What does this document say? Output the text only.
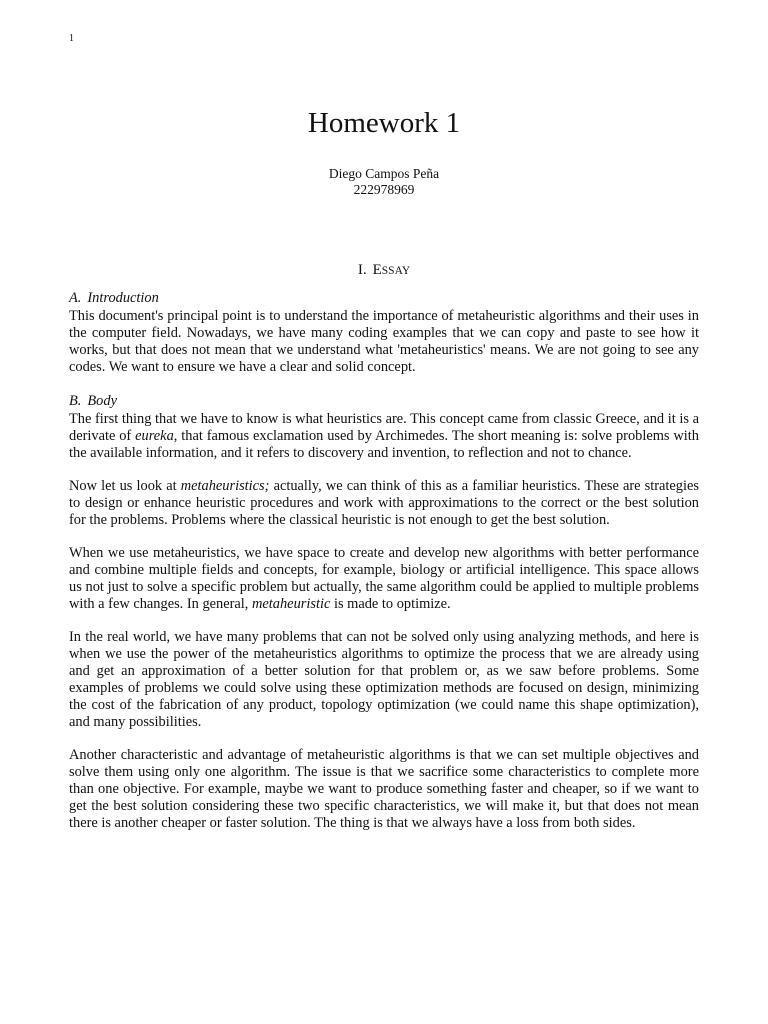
1
Homework 1
Diego Campos Peña
222978969
I. ESSAY
A. Introduction

This document's principal point is to understand the importance of metaheuristic algorithms and their uses in the computer field. Nowadays, we have many coding examples that we can copy and paste to see how it works, but that does not mean that we understand what 'metaheuristics' means. We are not going to see any codes. We want to ensure we have a clear and solid concept.

B. Body

The first thing that we have to know is what heuristics are. This concept came from classic Greece, and it is a derivate of eureka, that famous exclamation used by Archimedes. The short meaning is: solve problems with the available information, and it refers to discovery and invention, to reflection and not to chance.

Now let us look at metaheuristics; actually, we can think of this as a familiar heuristics. These are strategies to design or enhance heuristic procedures and work with approximations to the correct or the best solution for the problems. Problems where the classical heuristic is not enough to get the best solution.

When we use metaheuristics, we have space to create and develop new algorithms with better performance and combine multiple fields and concepts, for example, biology or artificial intelligence. This space allows us not just to solve a specific problem but actually, the same algorithm could be applied to multiple problems with a few changes. In general, metaheuristic is made to optimize.

In the real world, we have many problems that can not be solved only using analyzing methods, and here is when we use the power of the metaheuristics algorithms to optimize the process that we are already using and get an approximation of a better solution for that problem or, as we saw before problems. Some examples of problems we could solve using these optimization methods are focused on design, minimizing the cost of the fabrication of any product, topology optimization (we could name this shape optimization), and many possibilities.

Another characteristic and advantage of metaheuristic algorithms is that we can set multiple objectives and solve them using only one algorithm. The issue is that we sacrifice some characteristics to complete more than one objective. For example, maybe we want to produce something faster and cheaper, so if we want to get the best solution considering these two specific characteristics, we will make it, but that does not mean there is another cheaper or faster solution. The thing is that we always have a loss from both sides.
